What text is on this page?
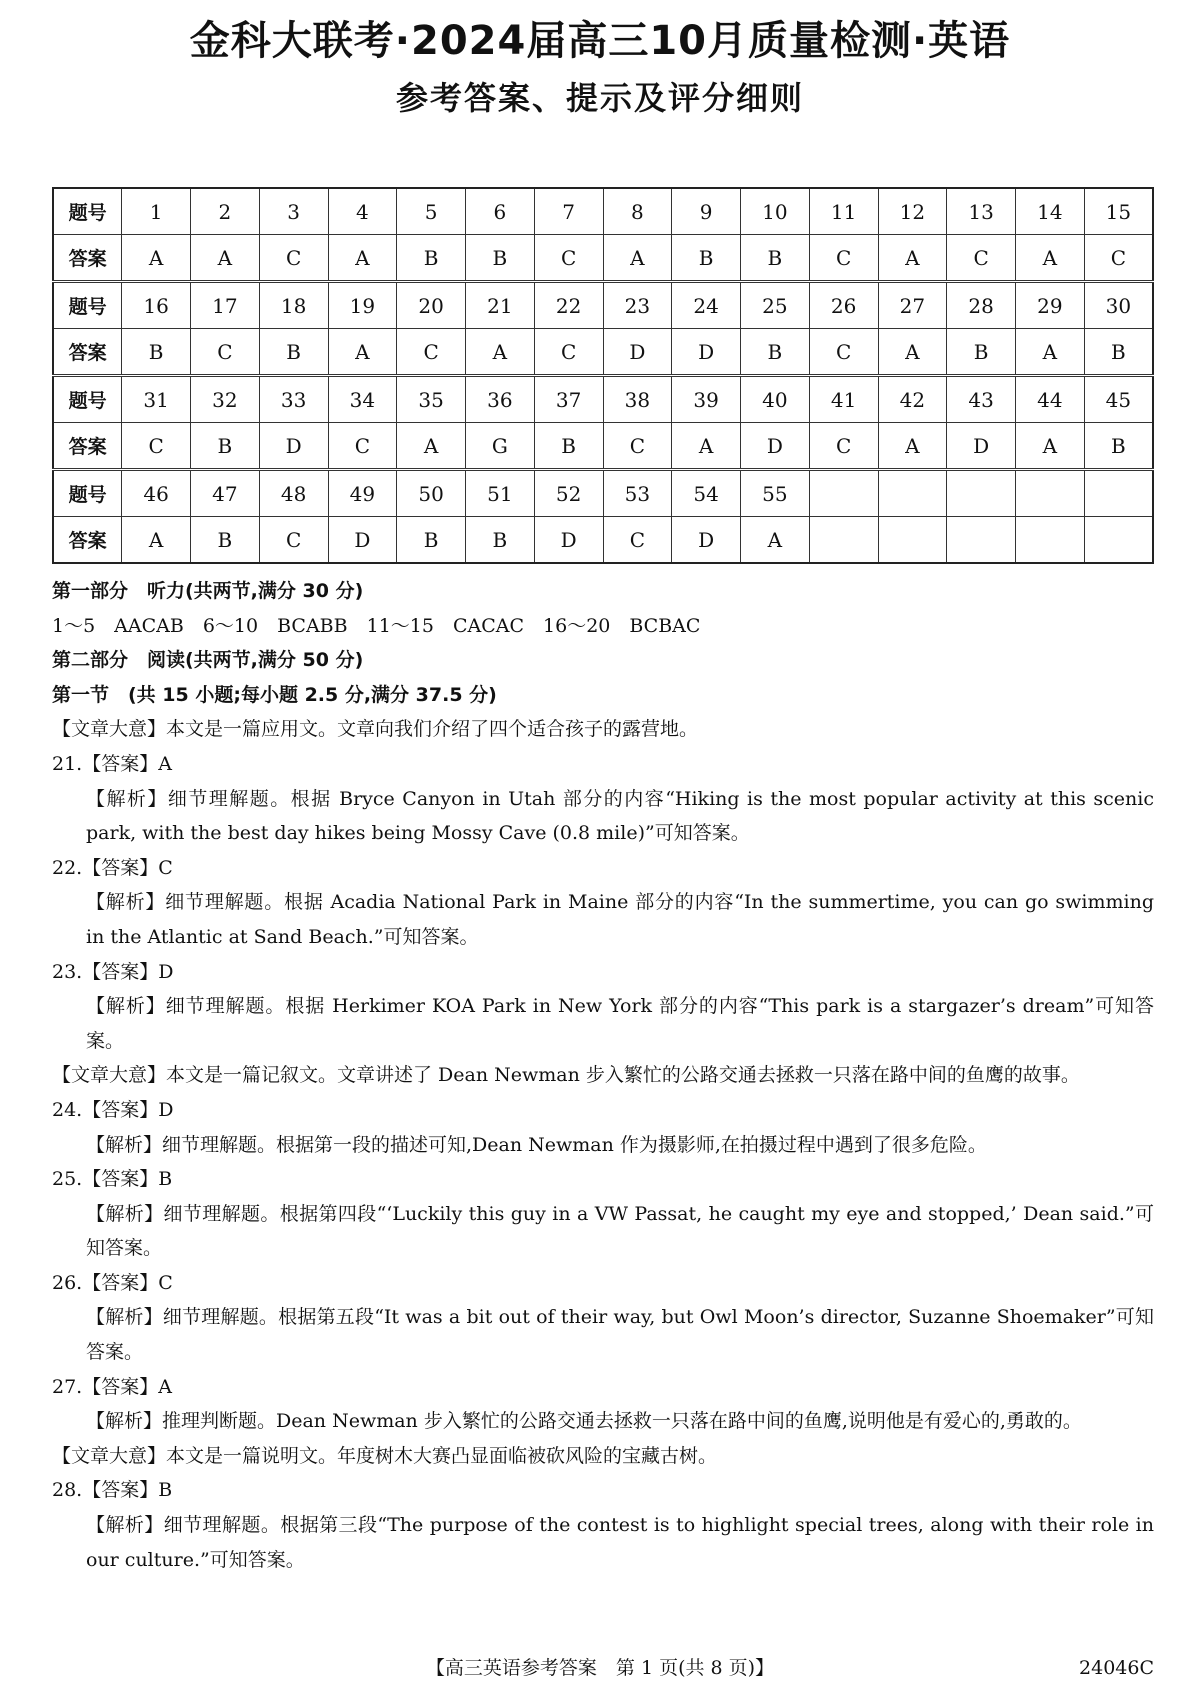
金科大联考·2024届高三10月质量检测·英语
参考答案、提示及评分细则
题号	1	2	3	4	5	6	7	8	9	10	11	12	13	14	15
答案	A	A	C	A	B	B	C	A	B	B	C	A	C	A	C
题号	16	17	18	19	20	21	22	23	24	25	26	27	28	29	30
答案	B	C	B	A	C	A	C	D	D	B	C	A	B	A	B
题号	31	32	33	34	35	36	37	38	39	40	41	42	43	44	45
答案	C	B	D	C	A	G	B	C	A	D	C	A	D	A	B
题号	46	47	48	49	50	51	52	53	54	55					
答案	A	B	C	D	B	B	D	C	D	A					

第一部分　听力(共两节,满分 30 分)

1～5　AACAB　6～10　BCABB　11～15　CACAC　16～20　BCBAC

第二部分　阅读(共两节,满分 50 分)

第一节　(共 15 小题;每小题 2.5 分,满分 37.5 分)

【文章大意】本文是一篇应用文。文章向我们介绍了四个适合孩子的露营地。

21.【答案】A

【解析】细节理解题。根据 Bryce Canyon in Utah 部分的内容“Hiking is the most popular activity at this scenic park, with the best day hikes being Mossy Cave (0.8 mile)”可知答案。

22.【答案】C

【解析】细节理解题。根据 Acadia National Park in Maine 部分的内容“In the summertime, you can go swimming in the Atlantic at Sand Beach.”可知答案。

23.【答案】D

【解析】细节理解题。根据 Herkimer KOA Park in New York 部分的内容“This park is a stargazer’s dream”可知答案。

【文章大意】本文是一篇记叙文。文章讲述了 Dean Newman 步入繁忙的公路交通去拯救一只落在路中间的鱼鹰的故事。

24.【答案】D

【解析】细节理解题。根据第一段的描述可知,Dean Newman 作为摄影师,在拍摄过程中遇到了很多危险。

25.【答案】B

【解析】细节理解题。根据第四段“‘Luckily this guy in a VW Passat, he caught my eye and stopped,’ Dean said.”可知答案。

26.【答案】C

【解析】细节理解题。根据第五段“It was a bit out of their way, but Owl Moon’s director, Suzanne Shoemaker”可知答案。

27.【答案】A

【解析】推理判断题。Dean Newman 步入繁忙的公路交通去拯救一只落在路中间的鱼鹰,说明他是有爱心的,勇敢的。

【文章大意】本文是一篇说明文。年度树木大赛凸显面临被砍风险的宝藏古树。

28.【答案】B

【解析】细节理解题。根据第三段“The purpose of the contest is to highlight special trees, along with their role in our culture.”可知答案。

【高三英语参考答案　第 1 页(共 8 页)】	24046C
